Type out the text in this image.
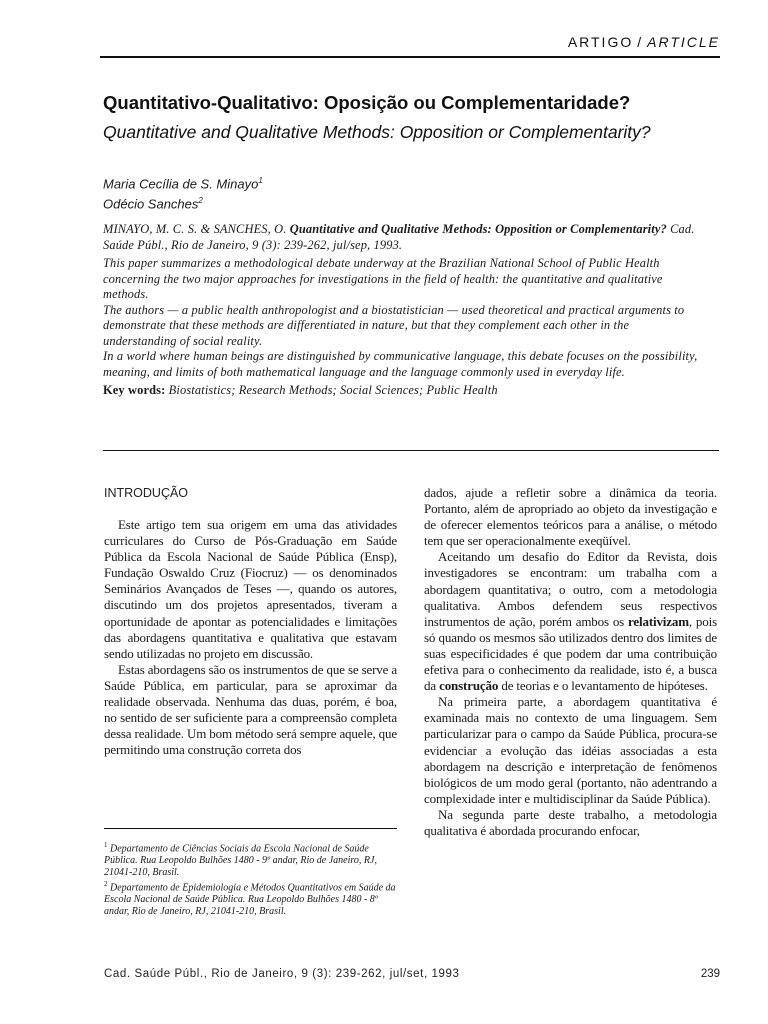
ARTIGO / ARTICLE
Quantitativo-Qualitativo: Oposição ou Complementaridade?
Quantitative and Qualitative Methods: Opposition or Complementarity?
Maria Cecília de S. Minayo$^1$
Odécio Sanches$^2$

MINAYO, M. C. S. & SANCHES, O. Quantitative and Qualitative Methods: Opposition or Complementarity? Cad. Saúde Públ., Rio de Janeiro, 9 (3): 239-262, jul/sep, 1993.

This paper summarizes a methodological debate underway at the Brazilian National School of Public Health concerning the two major approaches for investigations in the field of health: the quantitative and qualitative methods.

The authors — a public health anthropologist and a biostatistician — used theoretical and practical arguments to demonstrate that these methods are differentiated in nature, but that they complement each other in the understanding of social reality.

In a world where human beings are distinguished by communicative language, this debate focuses on the possibility, meaning, and limits of both mathematical language and the language commonly used in everyday life.

Key words: Biostatistics; Research Methods; Social Sciences; Public Health

INTRODUÇÃO

Este artigo tem sua origem em uma das atividades curriculares do Curso de Pós-Graduação em Saúde Pública da Escola Nacional de Saúde Pública (Ensp), Fundação Oswaldo Cruz (Fiocruz) — os denominados Seminários Avançados de Teses —, quando os autores, discutindo um dos projetos apresentados, tiveram a oportunidade de apontar as potencialidades e limitações das abordagens quantitativa e qualitativa que estavam sendo utilizadas no projeto em discussão.

Estas abordagens são os instrumentos de que se serve a Saúde Pública, em particular, para se aproximar da realidade observada. Nenhuma das duas, porém, é boa, no sentido de ser suficiente para a compreensão completa dessa realidade. Um bom método será sempre aquele, que permitindo uma construção correta dos

$^1$ Departamento de Ciências Sociais da Escola Nacional de Saúde Pública. Rua Leopoldo Bulhões 1480 - 9º andar, Rio de Janeiro, RJ, 21041-210, Brasil.

$^2$ Departamento de Epidemiologia e Métodos Quantitativos em Saúde da Escola Nacional de Saúde Pública. Rua Leopoldo Bulhões 1480 - 8º andar, Rio de Janeiro, RJ, 21041-210, Brasil.

dados, ajude a refletir sobre a dinâmica da teoria. Portanto, além de apropriado ao objeto da investigação e de oferecer elementos teóricos para a análise, o método tem que ser operacionalmente exeqüível.

Aceitando um desafio do Editor da Revista, dois investigadores se encontram: um trabalha com a abordagem quantitativa; o outro, com a metodologia qualitativa. Ambos defendem seus respectivos instrumentos de ação, porém ambos os relativizam, pois só quando os mesmos são utilizados dentro dos limites de suas especificidades é que podem dar uma contribuição efetiva para o conhecimento da realidade, isto é, a busca da construção de teorias e o levantamento de hipóteses.

Na primeira parte, a abordagem quantitativa é examinada mais no contexto de uma linguagem. Sem particularizar para o campo da Saúde Pública, procura-se evidenciar a evolução das idéias associadas a esta abordagem na descrição e interpretação de fenômenos biológicos de um modo geral (portanto, não adentrando a complexidade inter e multidisciplinar da Saúde Pública).

Na segunda parte deste trabalho, a metodologia qualitativa é abordada procurando enfocar,

Cad. Saúde Públ., Rio de Janeiro, 9 (3): 239-262, jul/set, 1993	239
